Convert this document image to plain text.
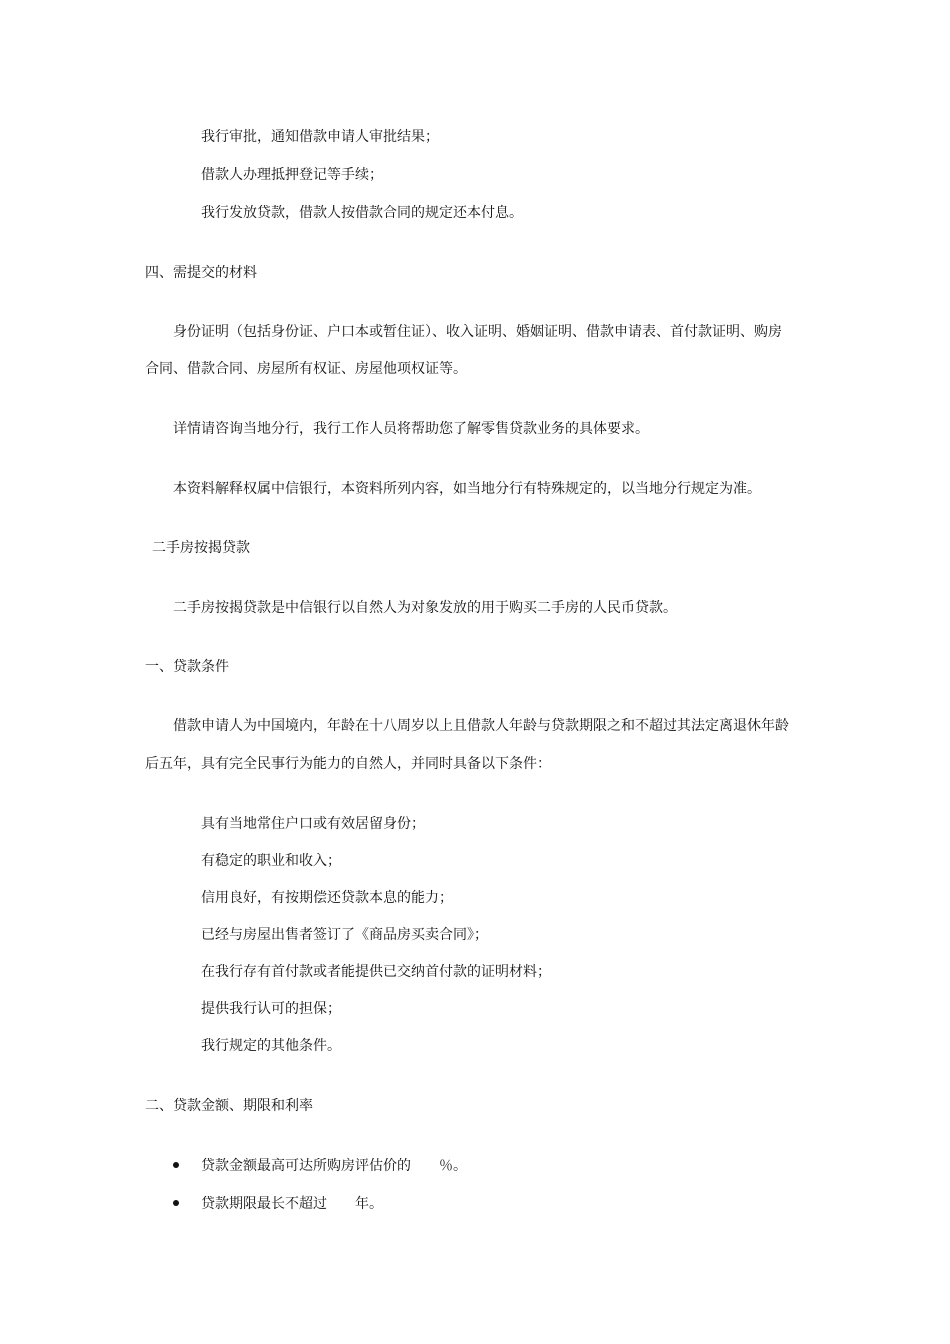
我行审批，通知借款申请人审批结果；
借款人办理抵押登记等手续；
我行发放贷款，借款人按借款合同的规定还本付息。
四、需提交的材料
身份证明（包括身份证、户口本或暂住证）、收入证明、婚姻证明、借款申请表、首付款证明、购房
合同、借款合同、房屋所有权证、房屋他项权证等。
详情请咨询当地分行，我行工作人员将帮助您了解零售贷款业务的具体要求。
本资料解释权属中信银行，本资料所列内容，如当地分行有特殊规定的，以当地分行规定为准。
二手房按揭贷款
二手房按揭贷款是中信银行以自然人为对象发放的用于购买二手房的人民币贷款。
一、贷款条件
借款申请人为中国境内，年龄在十八周岁以上且借款人年龄与贷款期限之和不超过其法定离退休年龄
后五年，具有完全民事行为能力的自然人，并同时具备以下条件：
具有当地常住户口或有效居留身份；
有稳定的职业和收入；
信用良好，有按期偿还贷款本息的能力；
已经与房屋出售者签订了《商品房买卖合同》；
在我行存有首付款或者能提供已交纳首付款的证明材料；
提供我行认可的担保；
我行规定的其他条件。
二、贷款金额、期限和利率
贷款金额最高可达所购房评估价的　　％。
贷款期限最长不超过　　年。
